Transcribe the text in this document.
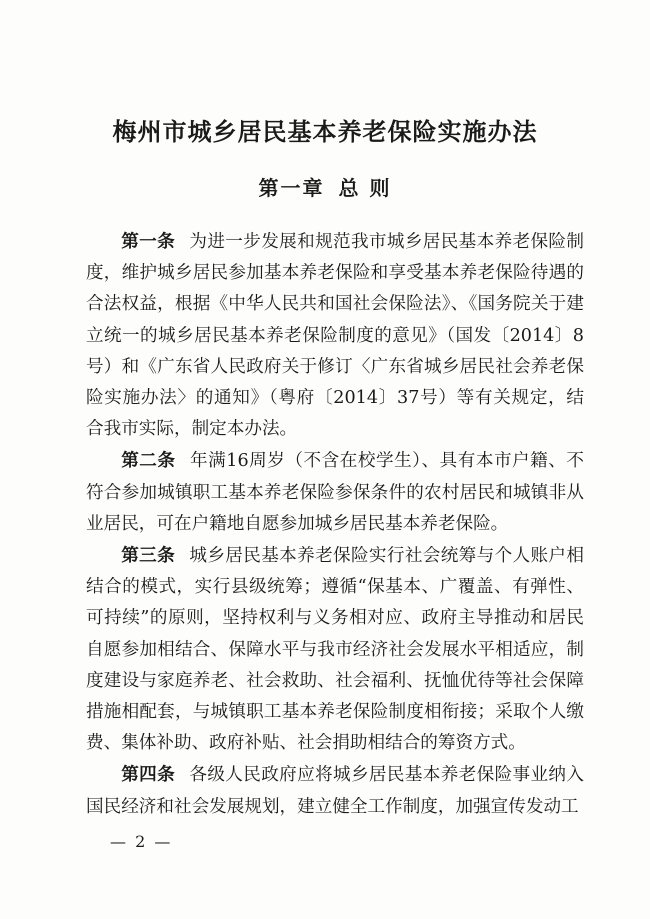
梅州市城乡居民基本养老保险实施办法
第一章 总 则

第一条 为进一步发展和规范我市城乡居民基本养老保险制度，维护城乡居民参加基本养老保险和享受基本养老保险待遇的合法权益，根据《中华人民共和国社会保险法》、《国务院关于建立统一的城乡居民基本养老保险制度的意见》（国发〔2014〕8号）和《广东省人民政府关于修订〈广东省城乡居民社会养老保险实施办法〉的通知》（粤府〔2014〕37号）等有关规定，结合我市实际，制定本办法。

第二条 年满16周岁（不含在校学生）、具有本市户籍、不符合参加城镇职工基本养老保险参保条件的农村居民和城镇非从业居民，可在户籍地自愿参加城乡居民基本养老保险。

第三条 城乡居民基本养老保险实行社会统筹与个人账户相结合的模式，实行县级统筹；遵循“保基本、广覆盖、有弹性、可持续”的原则，坚持权利与义务相对应、政府主导推动和居民自愿参加相结合、保障水平与我市经济社会发展水平相适应，制度建设与家庭养老、社会救助、社会福利、抚恤优待等社会保障措施相配套，与城镇职工基本养老保险制度相衔接；采取个人缴费、集体补助、政府补贴、社会捐助相结合的筹资方式。

第四条 各级人民政府应将城乡居民基本养老保险事业纳入国民经济和社会发展规划，建立健全工作制度，加强宣传发动工

— 2 —
